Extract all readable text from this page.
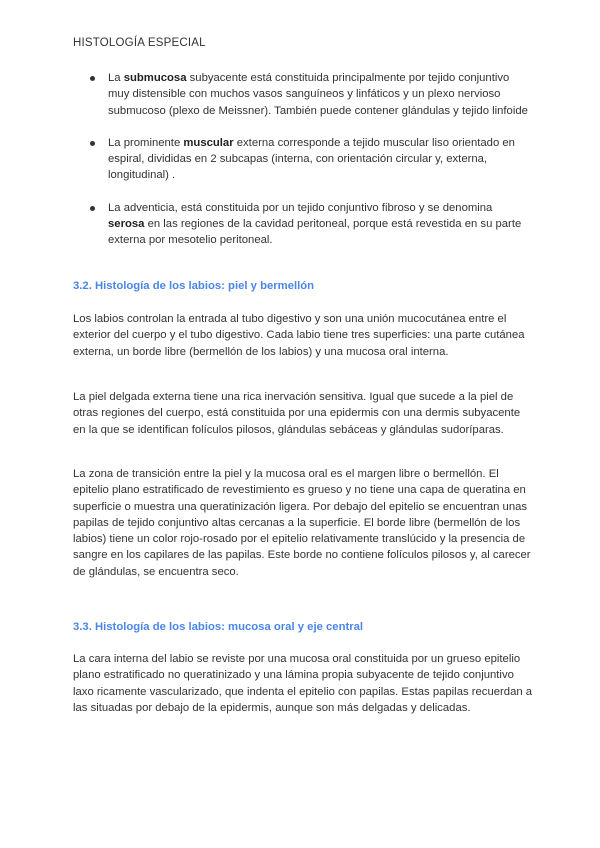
HISTOLOGÍA ESPECIAL
La submucosa subyacente está constituida principalmente por tejido conjuntivo muy distensible con muchos vasos sanguíneos y linfáticos y un plexo nervioso submucoso (plexo de Meissner). También puede contener glándulas y tejido linfoide
La prominente muscular externa corresponde a tejido muscular liso orientado en espiral, divididas en 2 subcapas (interna, con orientación circular y, externa, longitudinal) .
La adventicia, está constituida por un tejido conjuntivo fibroso y se denomina serosa en las regiones de la cavidad peritoneal, porque está revestida en su parte externa por mesotelio peritoneal.
3.2. Histología de los labios: piel y bermellón

Los labios controlan la entrada al tubo digestivo y son una unión mucocutánea entre el exterior del cuerpo y el tubo digestivo. Cada labio tiene tres superficies: una parte cutánea externa, un borde libre (bermellón de los labios) y una mucosa oral interna.

La piel delgada externa tiene una rica inervación sensitiva. Igual que sucede a la piel de otras regiones del cuerpo, está constituida por una epidermis con una dermis subyacente en la que se identifican folículos pilosos, glándulas sebáceas y glándulas sudoríparas.

La zona de transición entre la piel y la mucosa oral es el margen libre o bermellón. El epitelio plano estratificado de revestimiento es grueso y no tiene una capa de queratina en superficie o muestra una queratinización ligera. Por debajo del epitelio se encuentran unas papilas de tejido conjuntivo altas cercanas a la superficie. El borde libre (bermellón de los labios) tiene un color rojo-rosado por el epitelio relativamente translúcido y la presencia de sangre en los capilares de las papilas. Este borde no contiene folículos pilosos y, al carecer de glándulas, se encuentra seco.

3.3. Histología de los labios: mucosa oral y eje central

La cara interna del labio se reviste por una mucosa oral constituida por un grueso epitelio plano estratificado no queratinizado y una lámina propia subyacente de tejido conjuntivo laxo ricamente vascularizado, que indenta el epitelio con papilas. Estas papilas recuerdan a las situadas por debajo de la epidermis, aunque son más delgadas y delicadas.
